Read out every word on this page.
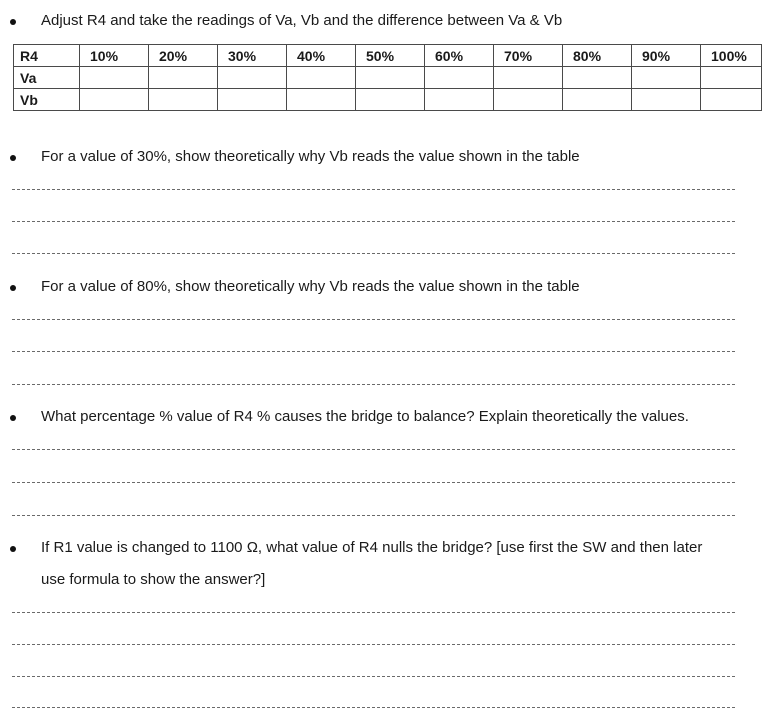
Adjust R4 and take the readings of Va, Vb and the difference between Va & Vb
R4	10%	20%	30%	40%	50%	60%	70%	80%	90%	100%
Va										
Vb										
For a value of 30%, show theoretically why Vb reads the value shown in the table
For a value of 80%, show theoretically why Vb reads the value shown in the table
What percentage % value of R4 % causes the bridge to balance? Explain theoretically the values.
If R1 value is changed to 1100 Ω, what value of R4 nulls the bridge? [use first the SW and then later
use formula to show the answer?]
